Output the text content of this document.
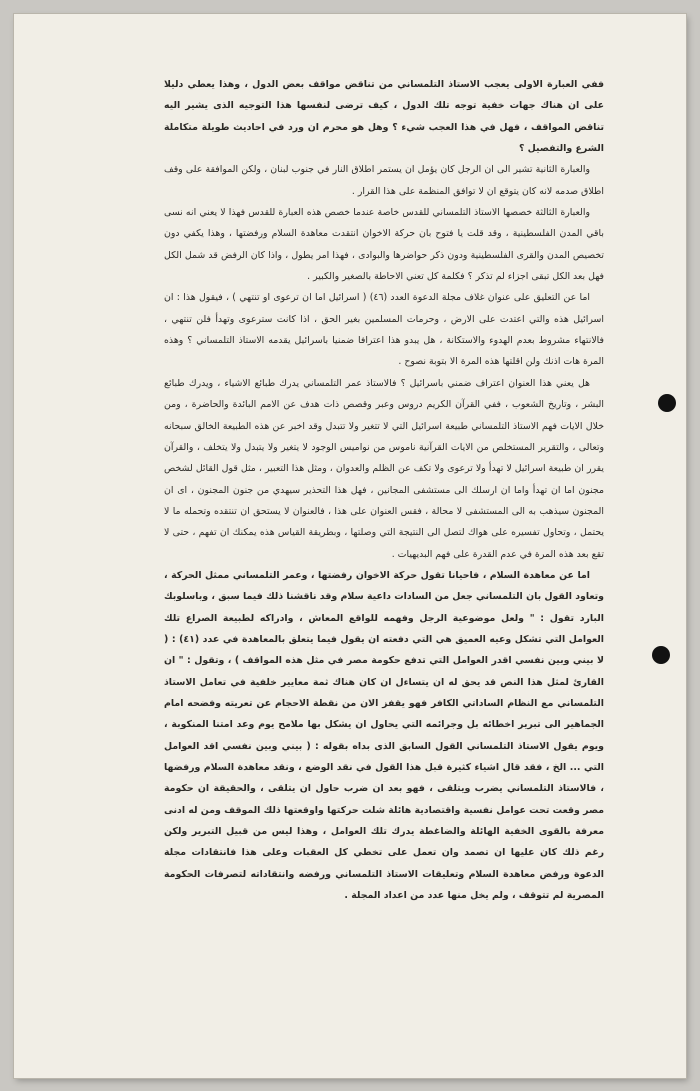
ففي العبارة الاولى يعجب الاستاذ التلمساني من تناقض مواقف بعض الدول ، وهذا يعطي دليلا على ان هناك جهات خفية توجه تلك الدول ، كيف ترضى لنفسها هذا التوجيه الذى يشير اليه تناقض المواقف ، فهل في هذا العجب شيء ؟ وهل هو محرم ان ورد في احاديث طويلة متكاملة الشرع والتفصيل ؟

والعبارة الثانية تشير الى ان الرجل كان يؤمل ان يستمر اطلاق النار في جنوب لبنان ، ولكن الموافقة على وقف اطلاق صدمه لانه كان يتوقع ان لا توافق المنظمة على هذا القرار .

والعبارة الثالثة خصصها الاستاذ التلمساني للقدس خاصة عندما خصص هذه العبارة للقدس فهذا لا يعني انه نسى باقي المدن الفلسطينية ، وقد قلت يا فتوح بان حركة الاخوان انتقدت معاهدة السلام ورفضتها ، وهذا يكفي دون تخصيص المدن والقرى الفلسطينية ودون ذكر حواضرها والبوادى ، فهذا امر يطول ، واذا كان الرفض قد شمل الكل فهل بعد الكل تبقى اجزاء لم تذكر ؟ فكلمة كل تعني الاحاطة بالصغير والكبير .

اما عن التعليق على عنوان غلاف مجلة الدعوة العدد (٤٦) ( اسرائيل اما ان ترعوى او تنتهي ) ، فيقول هذا : ان اسرائيل هذه والتي اعتدت على الارض ، وحرمات المسلمين بغير الحق ، اذا كانت سترعوى وتهدأ فلن تنتهي ، فالانتهاء مشروط بعدم الهدوء والاستكانة ، هل يبدو هذا اعترافا ضمنيا باسرائيل يقدمه الاستاذ التلمساني ؟ وهذه المرة هات اذنك ولن اقلتها هذه المرة الا بتوبة نصوح .

هل يعني هذا العنوان اعتراف ضمني باسرائيل ؟ فالاستاذ عمر التلمساني يدرك طبائع الاشياء ، ويدرك طبائع البشر ، وتاريخ الشعوب ، ففي القرآن الكريم دروس وعبر وقصص ذات هدف عن الامم البائدة والحاضرة ، ومن خلال الايات فهم الاستاذ التلمساني طبيعة اسرائيل التي لا تتغير ولا تتبدل وقد اخبر عن هذه الطبيعة الخالق سبحانه وتعالى ، والتقرير المستخلص من الايات القرآنية ناموس من نواميس الوجود لا يتغير ولا يتبدل ولا يتخلف ، والقرآن يقرر ان طبيعة اسرائيل لا تهدأ ولا ترعوى ولا تكف عن الظلم والعدوان ، ومثل هذا التعبير ، مثل قول القائل لشخص مجنون اما ان تهدأ واما ان ارسلك الى مستشفى المجانين ، فهل هذا التحذير سيهدي من جنون المجنون ، اى ان المجنون سيذهب به الى المستشفى لا محالة ، فقس العنوان على هذا ، فالعنوان لا يستحق ان تنتقده وتحمله ما لا يحتمل ، وتحاول تفسيره على هواك لتصل الى النتيجة التي وصلتها ، وبطريقة القياس هذه يمكنك ان تفهم ، حتى لا تقع بعد هذه المرة في عدم القدرة على فهم البديهيات .

اما عن معاهدة السلام ، فاحيانا تقول حركة الاخوان رفضتها ، وعمر التلمساني ممثل الحركة ، وتعاود القول بان التلمساني جعل من السادات داعية سلام وقد ناقشنا ذلك فيما سبق ، وباسلوبك البارد تقول : " ولعل موضوعية الرجل وفهمه للواقع المعاش ، وادراكه لطبيعة الصراع تلك العوامل التي تشكل وعيه العميق هي التي دفعته ان يقول فيما يتعلق بالمعاهدة في عدد (٤١) : ( لا بيني وبين نفسي اقدر العوامل التي تدفع حكومة مصر في مثل هذه المواقف ) ، وتقول : " ان القارئ لمثل هذا النص قد يحق له ان يتساءل ان كان هناك ثمة معايير خلفية في تعامل الاستاذ التلمساني مع النظام الساداتي الكافر فهو يقفز الان من نقطة الاحجام عن تعريته وفضحه امام الجماهير الى تبرير اخطائه بل وجرائمه التي يحاول ان يشكل بها ملامح يوم وعد امتنا المنكوبة ، ويوم يقول الاستاذ التلمساني القول السابق الذى بداه بقوله : ( بيني وبين نفسي اقد العوامل التي ... الخ ، فقد قال اشياء كثيرة قبل هذا القول في نقد الوضع ، ونقد معاهدة السلام ورفضها ، فالاستاذ التلمساني يضرب ويتلقى ، فهو بعد ان ضرب حاول ان يتلقى ، والحقيقة ان حكومة مصر وقعت تحت عوامل نفسية واقتصادية هائلة شلت حركتها واوقعتها ذلك الموقف ومن له ادنى معرفة بالقوى الخفية الهائلة والضاغطة يدرك تلك العوامل ، وهذا ليس من قبيل التبرير ولكن رغم ذلك كان عليها ان تصمد وان تعمل على تخطي كل العقبات وعلى هذا فانتقادات مجلة الدعوة ورفض معاهدة السلام وتعليقات الاستاذ التلمساني ورفضه وانتقاداته لتصرفات الحكومة المصرية لم تتوقف ، ولم يخل منها عدد من اعداد المجلة .
